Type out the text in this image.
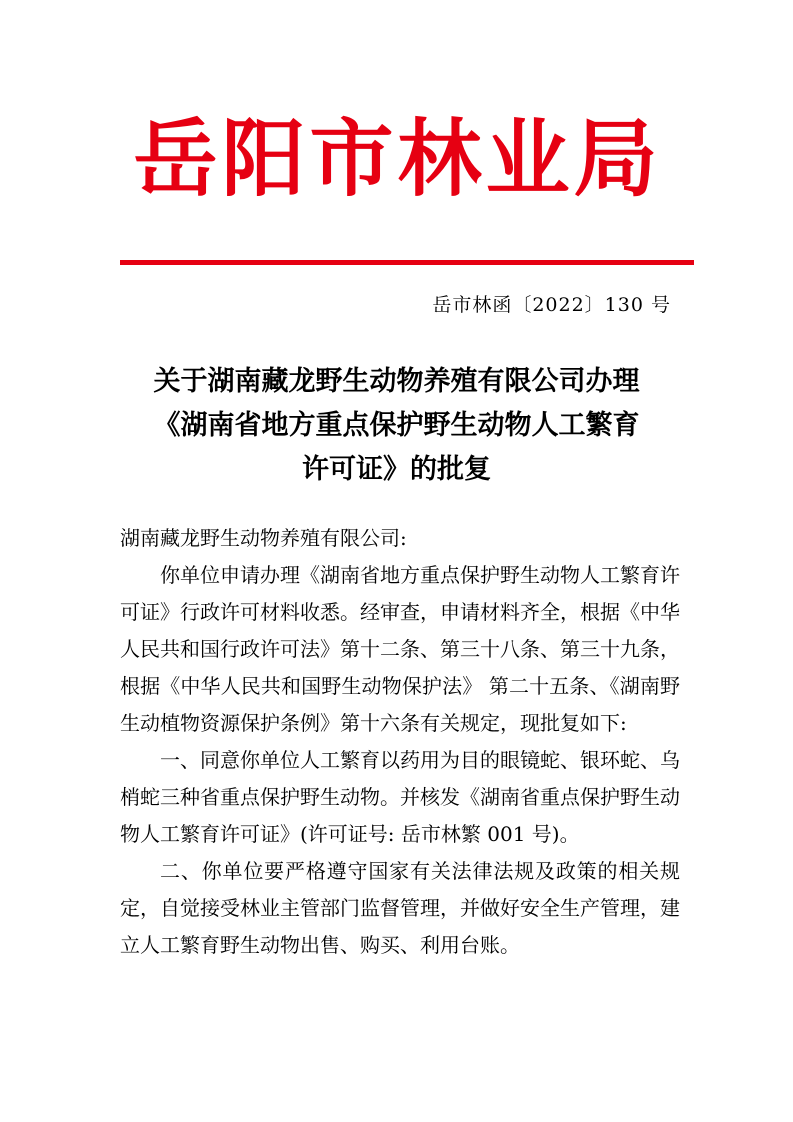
岳阳市林业局
岳市林函〔2022〕130 号
关于湖南藏龙野生动物养殖有限公司办理
《湖南省地方重点保护野生动物人工繁育
许可证》的批复

湖南藏龙野生动物养殖有限公司:

你单位申请办理《湖南省地方重点保护野生动物人工繁育许可证》行政许可材料收悉。经审查，申请材料齐全，根据《中华人民共和国行政许可法》第十二条、第三十八条、第三十九条，根据《中华人民共和国野生动物保护法》 第二十五条、《湖南野生动植物资源保护条例》第十六条有关规定，现批复如下:

一、同意你单位人工繁育以药用为目的眼镜蛇、银环蛇、乌梢蛇三种省重点保护野生动物。并核发《湖南省重点保护野生动物人工繁育许可证》(许可证号: 岳市林繁 001 号)。

二、你单位要严格遵守国家有关法律法规及政策的相关规定，自觉接受林业主管部门监督管理，并做好安全生产管理，建立人工繁育野生动物出售、购买、利用台账。
